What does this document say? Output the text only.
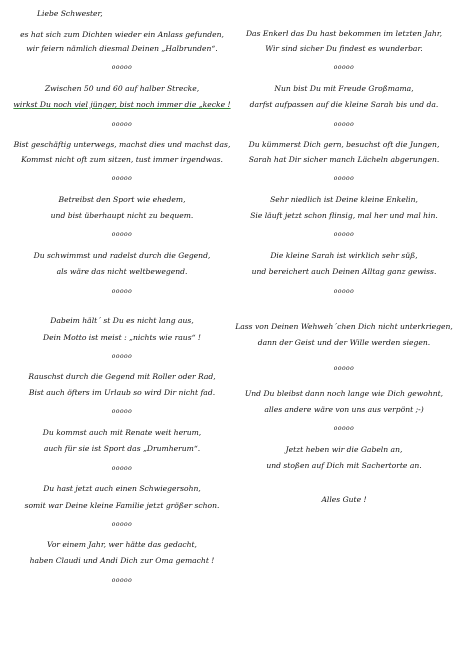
Liebe Schwester,
es hat sich zum Dichten wieder ein Anlass gefunden,
wir feiern nämlich diesmal Deinen „Halbrunden“.
ooooo
Zwischen 50 und 60 auf halber Strecke,
wirkst Du noch viel jünger, bist noch immer die „kecke !
ooooo
Bist geschäftig unterwegs, machst dies und machst das,
Kommst nicht oft zum sitzen, tust immer irgendwas.
ooooo
Betreibst den Sport wie ehedem,
und bist überhaupt nicht zu bequem.
ooooo
Du schwimmst und radelst durch die Gegend,
als wäre das nicht weltbewegend.
ooooo
Dabeim hält´ st Du es nicht lang aus,
Dein Motto ist meist : „nichts wie raus“ !
ooooo
Rauschst durch die Gegend mit Roller oder Rad,
Bist auch öfters im Urlaub so wird Dir nicht fad.
ooooo
Du kommst auch mit Renate weit herum,
auch für sie ist Sport das „Drumherum“.
ooooo
Du hast jetzt auch einen Schwiegersohn,
somit war Deine kleine Familie jetzt größer schon.
ooooo
Vor einem Jahr, wer hätte das gedacht,
haben Claudi und Andi Dich zur Oma gemacht !
ooooo
Das Enkerl das Du hast bekommen im letzten Jahr,
Wir sind sicher Du findest es wunderbar.
ooooo
Nun bist Du mit Freude Großmama,
darfst aufpassen auf die kleine Sarah bis und da.
ooooo
Du kümmerst Dich gern, besuchst oft die Jungen,
Sarah hat Dir sicher manch Lächeln abgerungen.
ooooo
Sehr niedlich ist Deine kleine Enkelin,
Sie läuft jetzt schon flinsig, mal her und mal hin.
ooooo
Die kleine Sarah ist wirklich sehr süß,
und bereichert auch Deinen Alltag ganz gewiss.
ooooo
Lass von Deinen Wehweh´chen Dich nicht unterkriegen,
dann der Geist und der Wille werden siegen.
ooooo
Und Du bleibst dann noch lange wie Dich gewohnt,
alles andere wäre von uns aus verpönt ;-)
ooooo
Jetzt heben wir die Gabeln an,
und stoßen auf Dich mit Sachertorte an.
Alles Gute !
